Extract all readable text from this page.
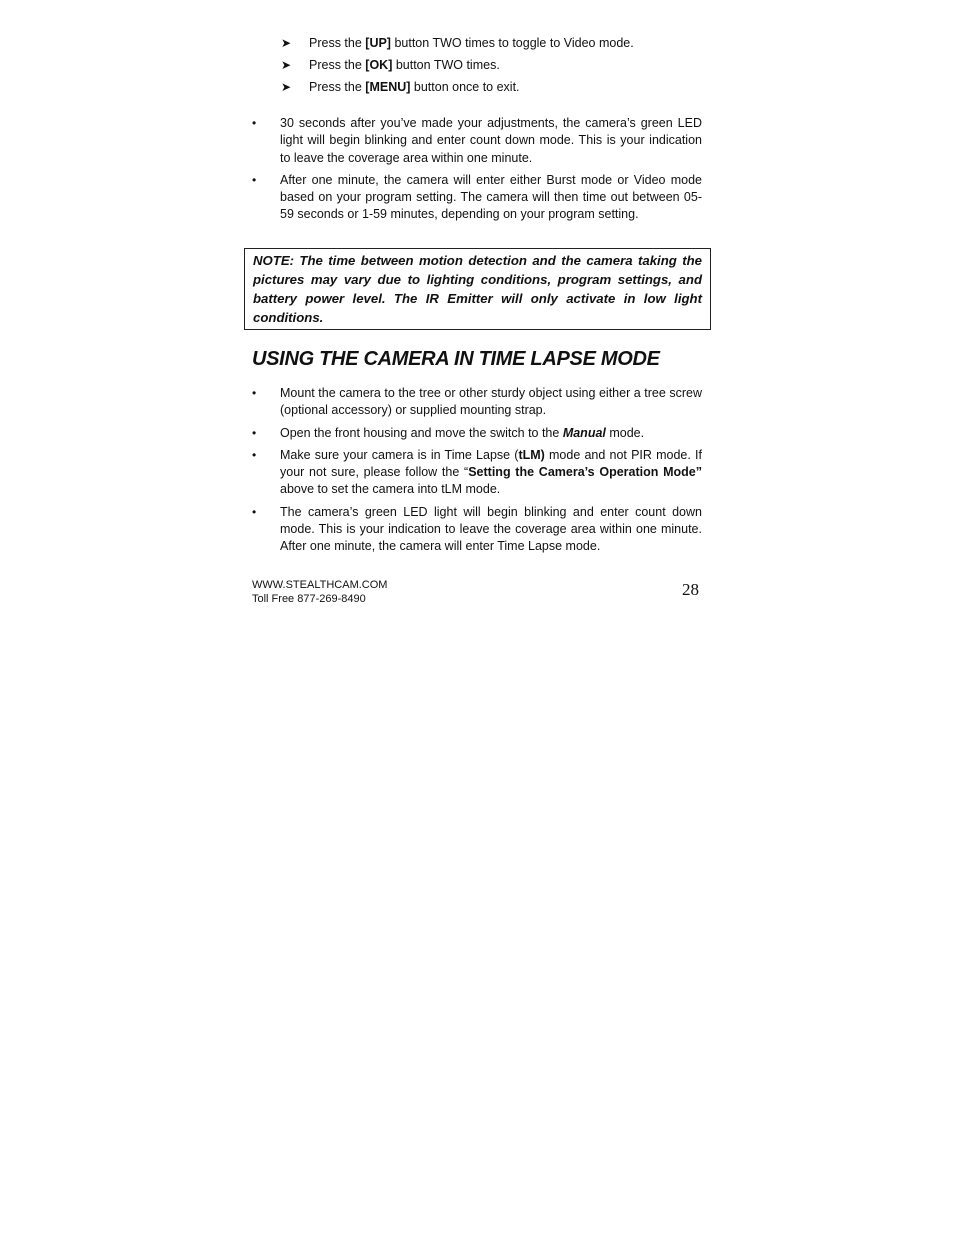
➤	Press the [UP] button TWO times to toggle to Video mode.
➤	Press the [OK] button TWO times.
➤	Press the [MENU] button once to exit.
•	30 seconds after you’ve made your adjustments, the camera’s green LED light will begin blinking and enter count down mode. This is your indication to leave the coverage area within one minute.
•	After one minute, the camera will enter either Burst mode or Video mode based on your program setting. The camera will then time out between 05-59 seconds or 1-59 minutes, depending on your program setting.
NOTE: The time between motion detection and the camera taking the pictures may vary due to lighting conditions, program settings, and battery power level. The IR Emitter will only activate in low light conditions.
USING THE CAMERA IN TIME LAPSE MODE
•	Mount the camera to the tree or other sturdy object using either a tree screw (optional accessory) or supplied mounting strap.
•	Open the front housing and move the switch to the Manual mode.
•	Make sure your camera is in Time Lapse (tLM) mode and not PIR mode. If your not sure, please follow the “Setting the Camera’s Operation Mode” above to set the camera into tLM mode.
•	The camera’s green LED light will begin blinking and enter count down mode. This is your indication to leave the coverage area within one minute. After one minute, the camera will enter Time Lapse mode.
WWW.STEALTHCAM.COM
Toll Free 877-269-8490	28
